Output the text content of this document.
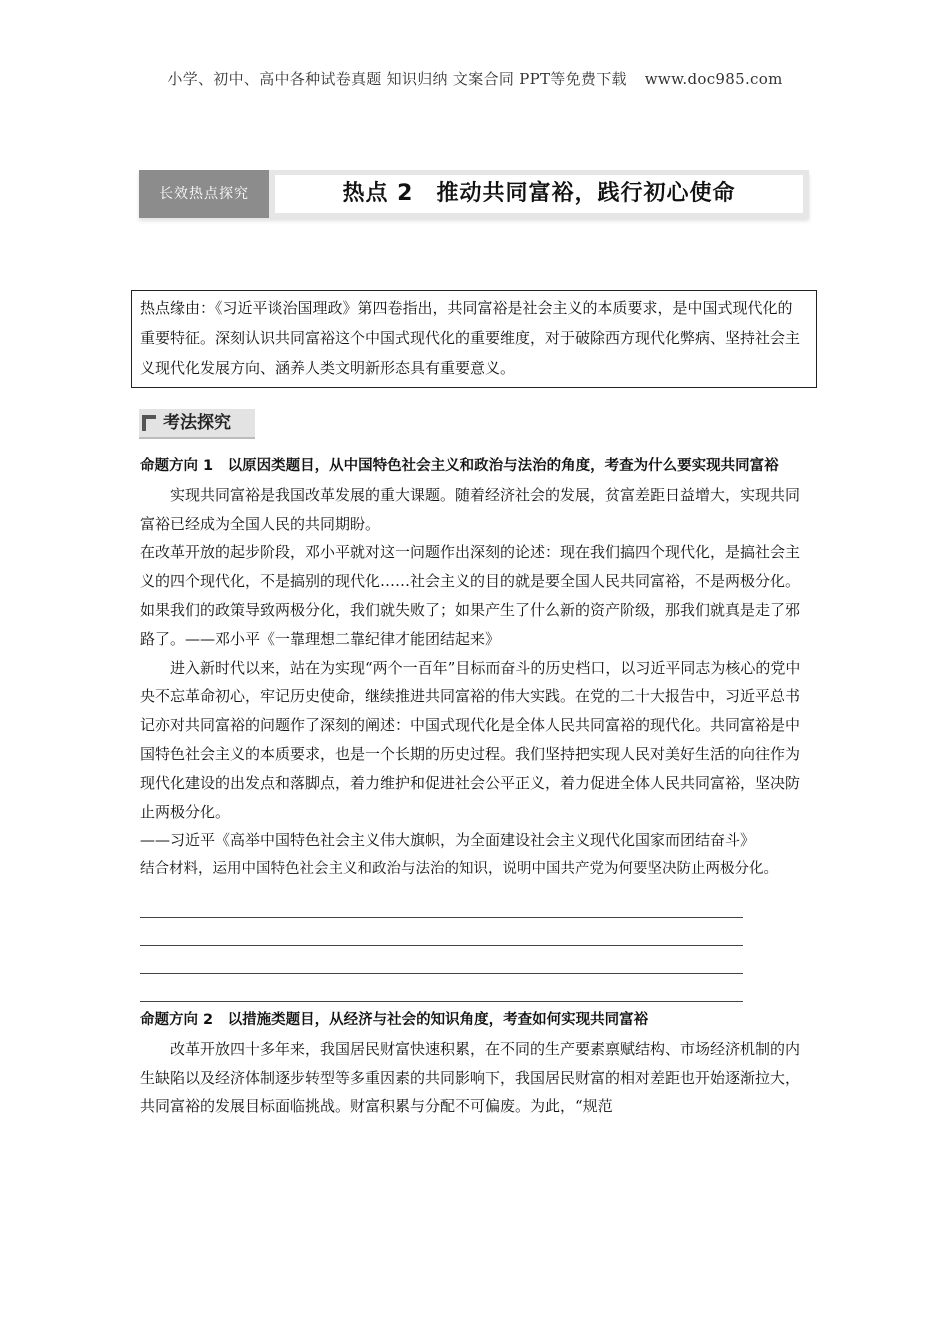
小学、初中、高中各种试卷真题 知识归纳 文案合同 PPT等免费下载 www.doc985.com
长效热点探究	热点 2　推动共同富裕，践行初心使命
热点缘由：《习近平谈治国理政》第四卷指出，共同富裕是社会主义的本质要求，是中国式现代化的重要特征。深刻认识共同富裕这个中国式现代化的重要维度，对于破除西方现代化弊病、坚持社会主义现代化发展方向、涵养人类文明新形态具有重要意义。
考法探究

命题方向 1　以原因类题目，从中国特色社会主义和政治与法治的角度，考查为什么要实现共同富裕

实现共同富裕是我国改革发展的重大课题。随着经济社会的发展，贫富差距日益增大，实现共同富裕已经成为全国人民的共同期盼。

在改革开放的起步阶段，邓小平就对这一问题作出深刻的论述：现在我们搞四个现代化，是搞社会主义的四个现代化，不是搞别的现代化……社会主义的目的就是要全国人民共同富裕，不是两极分化。如果我们的政策导致两极分化，我们就失败了；如果产生了什么新的资产阶级，那我们就真是走了邪路了。——邓小平《一靠理想二靠纪律才能团结起来》

进入新时代以来，站在为实现“两个一百年”目标而奋斗的历史档口，以习近平同志为核心的党中央不忘革命初心，牢记历史使命，继续推进共同富裕的伟大实践。在党的二十大报告中，习近平总书记亦对共同富裕的问题作了深刻的阐述：中国式现代化是全体人民共同富裕的现代化。共同富裕是中国特色社会主义的本质要求，也是一个长期的历史过程。我们坚持把实现人民对美好生活的向往作为现代化建设的出发点和落脚点，着力维护和促进社会公平正义，着力促进全体人民共同富裕，坚决防止两极分化。

——习近平《高举中国特色社会主义伟大旗帜，为全面建设社会主义现代化国家而团结奋斗》

结合材料，运用中国特色社会主义和政治与法治的知识，说明中国共产党为何要坚决防止两极分化。

命题方向 2　以措施类题目，从经济与社会的知识角度，考查如何实现共同富裕

改革开放四十多年来，我国居民财富快速积累，在不同的生产要素禀赋结构、市场经济机制的内生缺陷以及经济体制逐步转型等多重因素的共同影响下，我国居民财富的相对差距也开始逐渐拉大，共同富裕的发展目标面临挑战。财富积累与分配不可偏废。为此，“规范
